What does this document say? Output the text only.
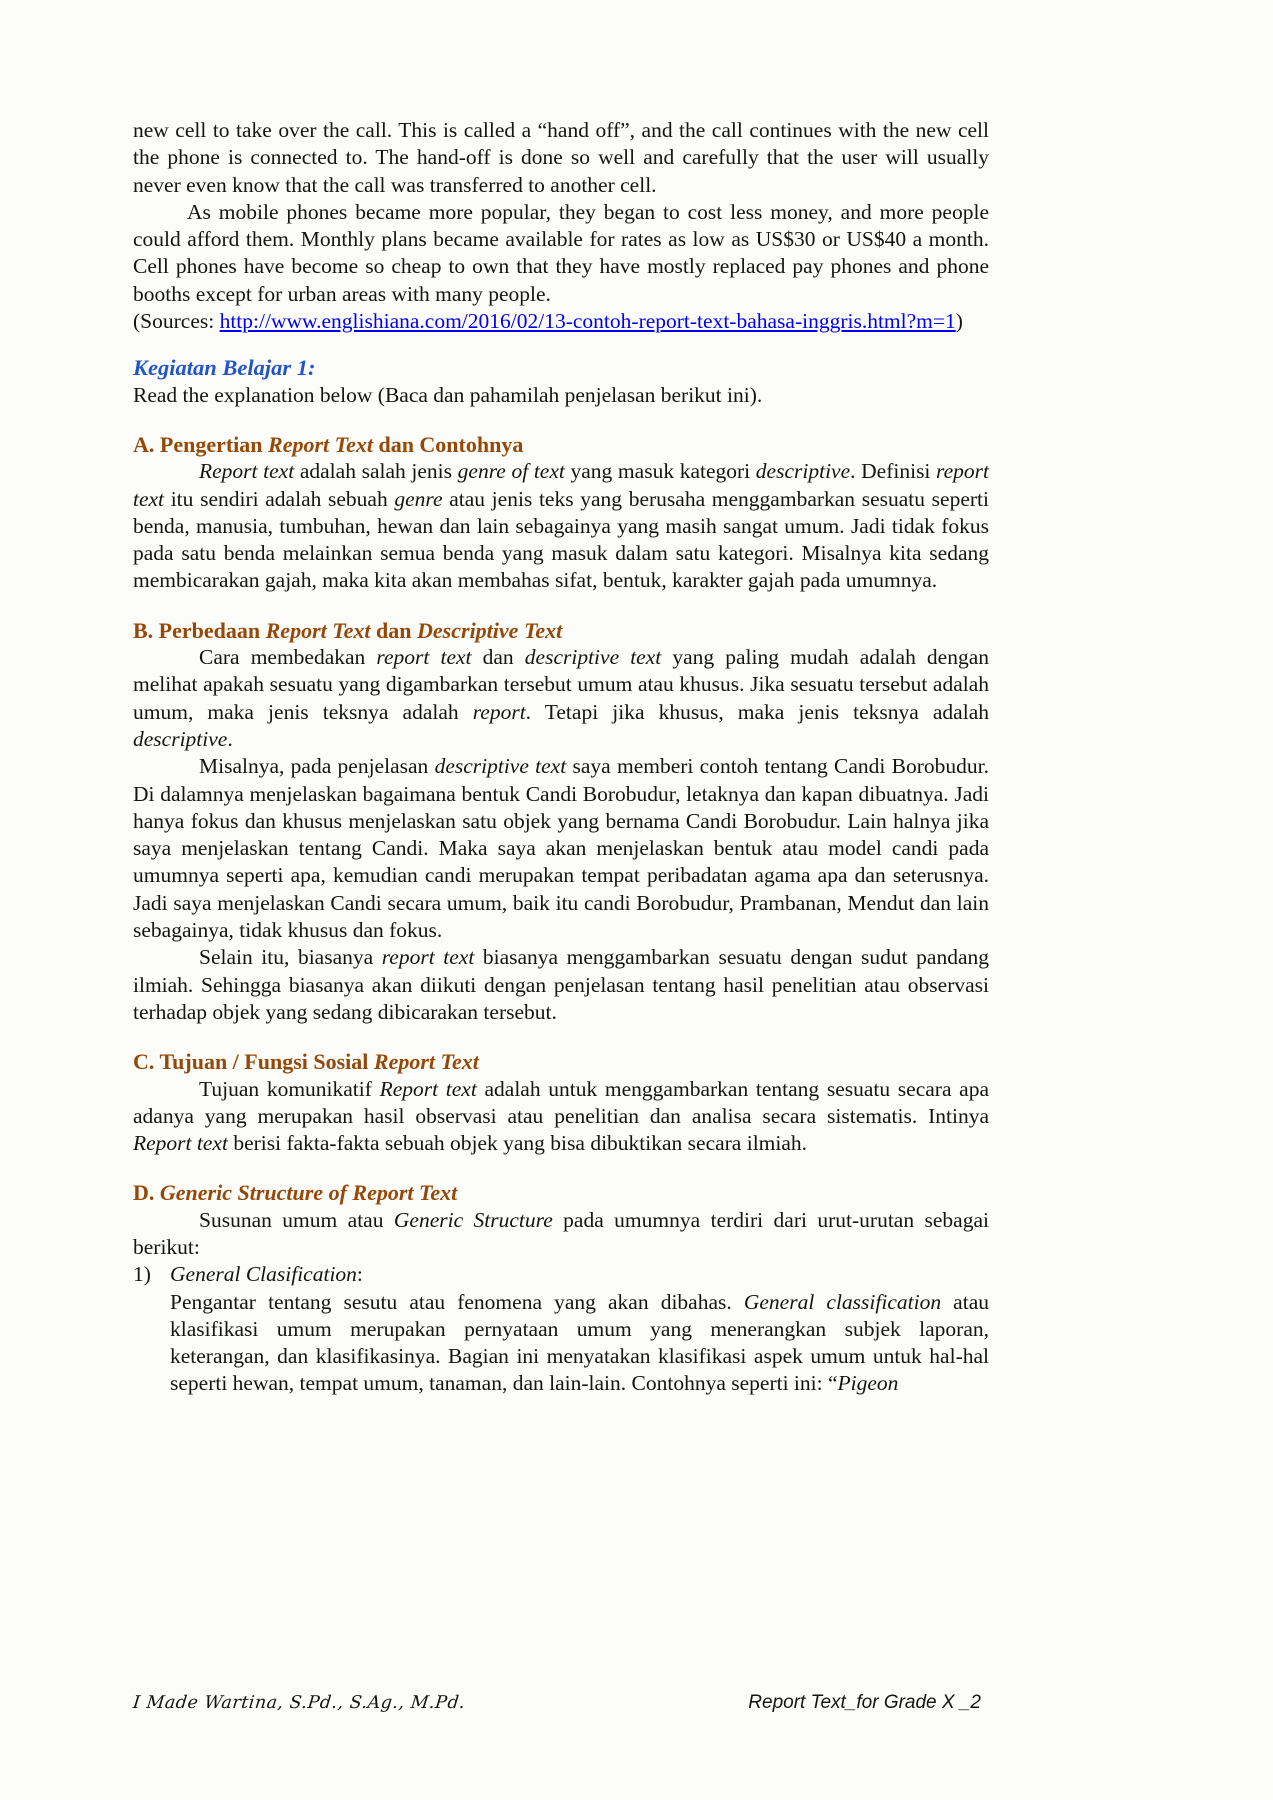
new cell to take over the call. This is called a “hand off”, and the call continues with the new cell the phone is connected to. The hand-off is done so well and carefully that the user will usually never even know that the call was transferred to another cell.

As mobile phones became more popular, they began to cost less money, and more people could afford them. Monthly plans became available for rates as low as US$30 or US$40 a month. Cell phones have become so cheap to own that they have mostly replaced pay phones and phone booths except for urban areas with many people.

(Sources: http://www.englishiana.com/2016/02/13-contoh-report-text-bahasa-inggris.html?m=1)

Kegiatan Belajar 1:

Read the explanation below (Baca dan pahamilah penjelasan berikut ini).

A. Pengertian Report Text dan Contohnya

Report text adalah salah jenis genre of text yang masuk kategori descriptive. Definisi report text itu sendiri adalah sebuah genre atau jenis teks yang berusaha menggambarkan sesuatu seperti benda, manusia, tumbuhan, hewan dan lain sebagainya yang masih sangat umum. Jadi tidak fokus pada satu benda melainkan semua benda yang masuk dalam satu kategori. Misalnya kita sedang membicarakan gajah, maka kita akan membahas sifat, bentuk, karakter gajah pada umumnya.

B. Perbedaan Report Text dan Descriptive Text

Cara membedakan report text dan descriptive text yang paling mudah adalah dengan melihat apakah sesuatu yang digambarkan tersebut umum atau khusus. Jika sesuatu tersebut adalah umum, maka jenis teksnya adalah report. Tetapi jika khusus, maka jenis teksnya adalah descriptive.

Misalnya, pada penjelasan descriptive text saya memberi contoh tentang Candi Borobudur. Di dalamnya menjelaskan bagaimana bentuk Candi Borobudur, letaknya dan kapan dibuatnya. Jadi hanya fokus dan khusus menjelaskan satu objek yang bernama Candi Borobudur. Lain halnya jika saya menjelaskan tentang Candi. Maka saya akan menjelaskan bentuk atau model candi pada umumnya seperti apa, kemudian candi merupakan tempat peribadatan agama apa dan seterusnya. Jadi saya menjelaskan Candi secara umum, baik itu candi Borobudur, Prambanan, Mendut dan lain sebagainya, tidak khusus dan fokus.

Selain itu, biasanya report text biasanya menggambarkan sesuatu dengan sudut pandang ilmiah. Sehingga biasanya akan diikuti dengan penjelasan tentang hasil penelitian atau observasi terhadap objek yang sedang dibicarakan tersebut.

C. Tujuan / Fungsi Sosial Report Text

Tujuan komunikatif Report text adalah untuk menggambarkan tentang sesuatu secara apa adanya yang merupakan hasil observasi atau penelitian dan analisa secara sistematis. Intinya Report text berisi fakta-fakta sebuah objek yang bisa dibuktikan secara ilmiah.

D. Generic Structure of Report Text

Susunan umum atau Generic Structure pada umumnya terdiri dari urut-urutan sebagai berikut:

1) General Clasification:

Pengantar tentang sesutu atau fenomena yang akan dibahas. General classification atau klasifikasi umum merupakan pernyataan umum yang menerangkan subjek laporan, keterangan, dan klasifikasinya. Bagian ini menyatakan klasifikasi aspek umum untuk hal-hal seperti hewan, tempat umum, tanaman, dan lain-lain. Contohnya seperti ini: “Pigeon

I Made Wartina, S.Pd., S.Ag., M.Pd.	Report Text_for Grade X _2
